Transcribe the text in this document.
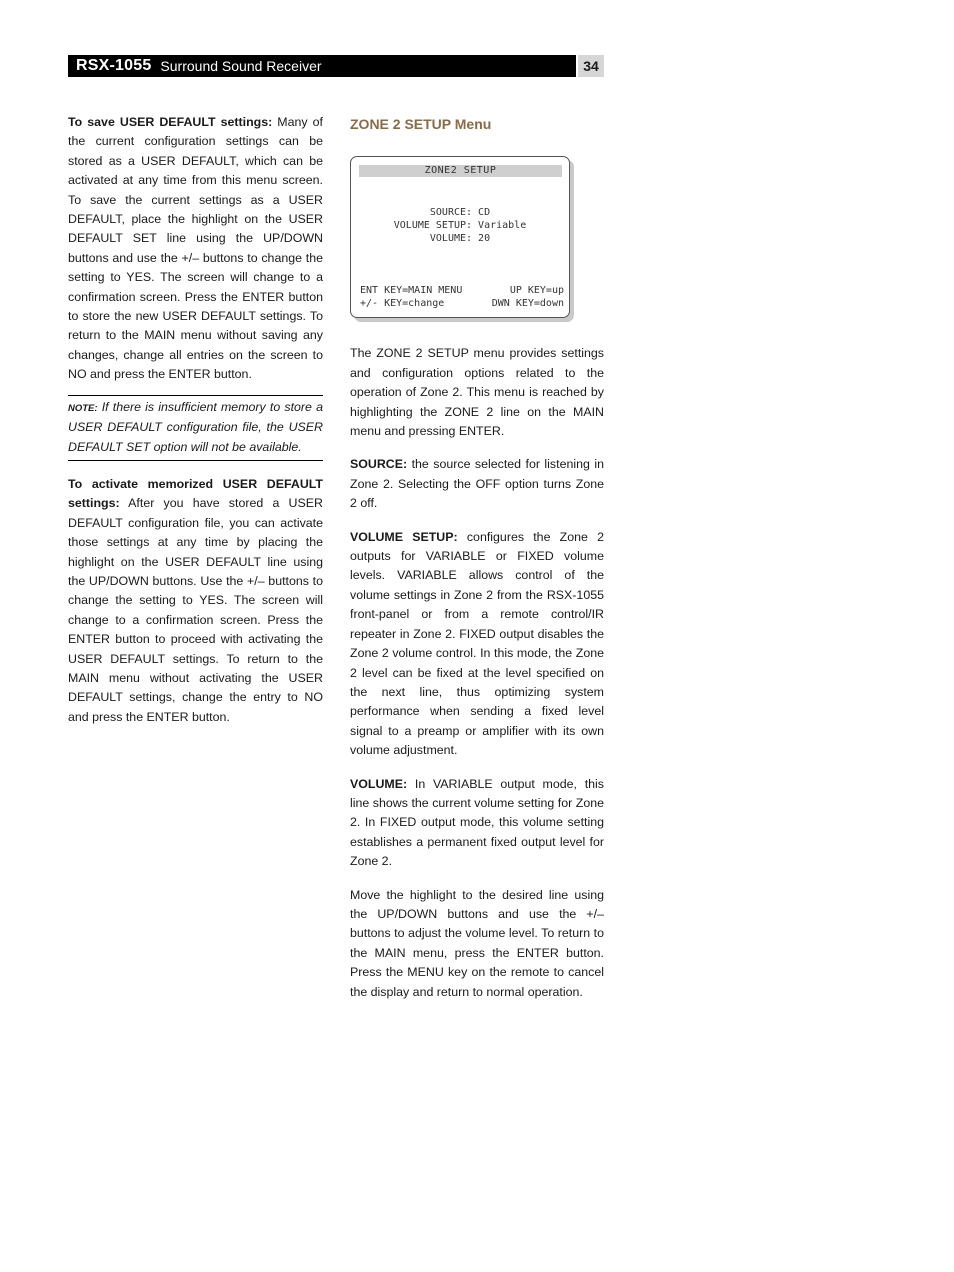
RSX-1055 Surround Sound Receiver	34

To save USER DEFAULT settings: Many of the current configuration settings can be stored as a USER DEFAULT, which can be activated at any time from this menu screen. To save the current settings as a USER DEFAULT, place the highlight on the USER DEFAULT SET line using the UP/DOWN buttons and use the +/– buttons to change the setting to YES. The screen will change to a confirmation screen. Press the ENTER button to store the new USER DEFAULT settings. To return to the MAIN menu without saving any changes, change all entries on the screen to NO and press the ENTER button.

NOTE: If there is insufficient memory to store a USER DEFAULT configuration file, the USER DEFAULT SET option will not be available.

To activate memorized USER DEFAULT settings: After you have stored a USER DEFAULT configuration file, you can activate those settings at any time by placing the highlight on the USER DEFAULT line using the UP/DOWN buttons. Use the +/– buttons to change the setting to YES. The screen will change to a confirmation screen. Press the ENTER button to proceed with activating the USER DEFAULT settings. To return to the MAIN menu without activating the USER DEFAULT settings, change the entry to NO and press the ENTER button.

ZONE 2 SETUP Menu
ZONE2 SETUP
SOURCE: CD
VOLUME SETUP: Variable
VOLUME: 20
ENT KEY=MAIN MENU	UP KEY=up
+/- KEY=change	DWN KEY=down

The ZONE 2 SETUP menu provides settings and configuration options related to the operation of Zone 2. This menu is reached by highlighting the ZONE 2 line on the MAIN menu and pressing ENTER.

SOURCE: the source selected for listening in Zone 2. Selecting the OFF option turns Zone 2 off.

VOLUME SETUP: configures the Zone 2 outputs for VARIABLE or FIXED volume levels. VARIABLE allows control of the volume settings in Zone 2 from the RSX-1055 front-panel or from a remote control/IR repeater in Zone 2. FIXED output disables the Zone 2 volume control. In this mode, the Zone 2 level can be fixed at the level specified on the next line, thus optimizing system performance when sending a fixed level signal to a preamp or amplifier with its own volume adjustment.

VOLUME: In VARIABLE output mode, this line shows the current volume setting for Zone 2. In FIXED output mode, this volume setting establishes a permanent fixed output level for Zone 2.

Move the highlight to the desired line using the UP/DOWN buttons and use the +/– buttons to adjust the volume level. To return to the MAIN menu, press the ENTER button. Press the MENU key on the remote to cancel the display and return to normal operation.
